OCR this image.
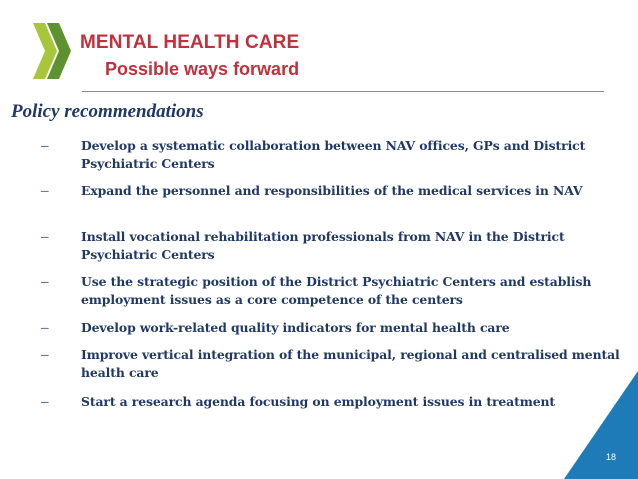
MENTAL HEALTH CARE
Possible ways forward
Policy recommendations
–	Develop a systematic collaboration between NAV offices, GPs and District Psychiatric Centers
–	Expand the personnel and responsibilities of the medical services in NAV
–	Install vocational rehabilitation professionals from NAV in the District Psychiatric Centers
–	Use the strategic position of the District Psychiatric Centers and establish employment issues as a core competence of the centers
–	Develop work-related quality indicators for mental health care
–	Improve vertical integration of the municipal, regional and centralised mental health care
–	Start a research agenda focusing on employment issues in treatment
18
